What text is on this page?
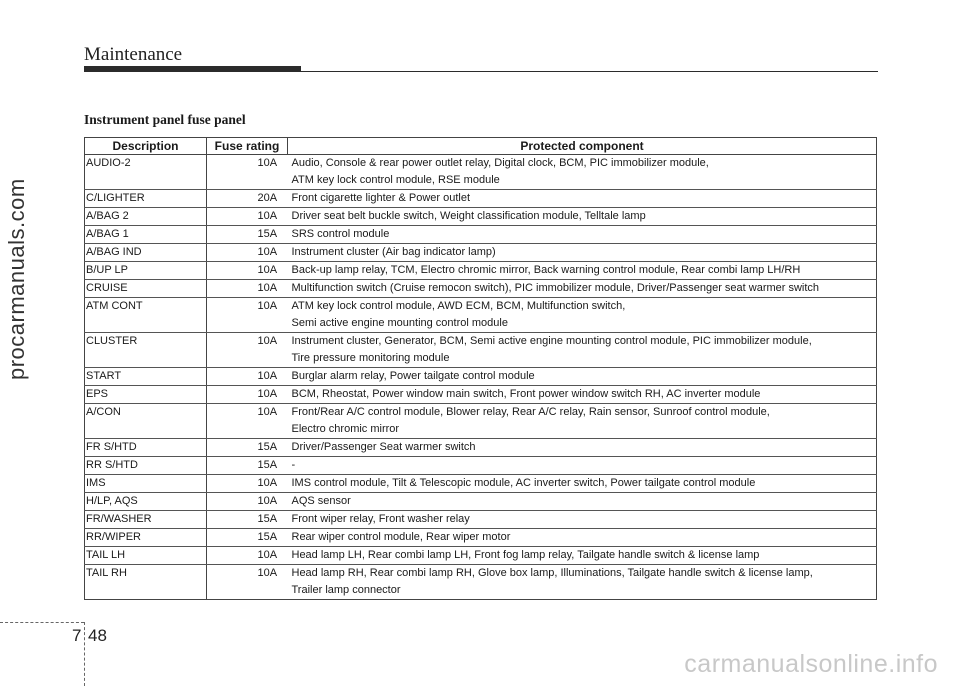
Maintenance
Instrument panel fuse panel
Description	Fuse rating	Protected component
AUDIO-2	10A	Audio, Console & rear power outlet relay, Digital clock, BCM, PIC immobilizer module,
ATM key lock control module, RSE module

C/LIGHTER	20A	Front cigarette lighter & Power outlet

A/BAG 2	10A	Driver seat belt buckle switch, Weight classification module, Telltale lamp

A/BAG 1	15A	SRS control module

A/BAG IND	10A	Instrument cluster (Air bag indicator lamp)

B/UP LP	10A	Back-up lamp relay, TCM, Electro chromic mirror, Back warning control module, Rear combi lamp LH/RH

CRUISE	10A	Multifunction switch (Cruise remocon switch), PIC immobilizer module, Driver/Passenger seat warmer switch

ATM CONT	10A	ATM key lock control module, AWD ECM, BCM, Multifunction switch,
Semi active engine mounting control module

CLUSTER	10A	Instrument cluster, Generator, BCM, Semi active engine mounting control module, PIC immobilizer module,
Tire pressure monitoring module

START	10A	Burglar alarm relay, Power tailgate control module

EPS	10A	BCM, Rheostat, Power window main switch, Front power window switch RH, AC inverter module

A/CON	10A	Front/Rear A/C control module, Blower relay, Rear A/C relay, Rain sensor, Sunroof control module,
Electro chromic mirror

FR S/HTD	15A	Driver/Passenger Seat warmer switch

RR S/HTD	15A	-

IMS	10A	IMS control module, Tilt & Telescopic module, AC inverter switch, Power tailgate control module

H/LP, AQS	10A	AQS sensor

FR/WASHER	15A	Front wiper relay, Front washer relay

RR/WIPER	15A	Rear wiper control module, Rear wiper motor

TAIL LH	10A	Head lamp LH, Rear combi lamp LH, Front fog lamp relay, Tailgate handle switch & license lamp

TAIL RH	10A	Head lamp RH, Rear combi lamp RH, Glove box lamp, Illuminations, Tailgate handle switch & license lamp,
Trailer lamp connector
procarmanuals.com
7 48
carmanualsonline.info
